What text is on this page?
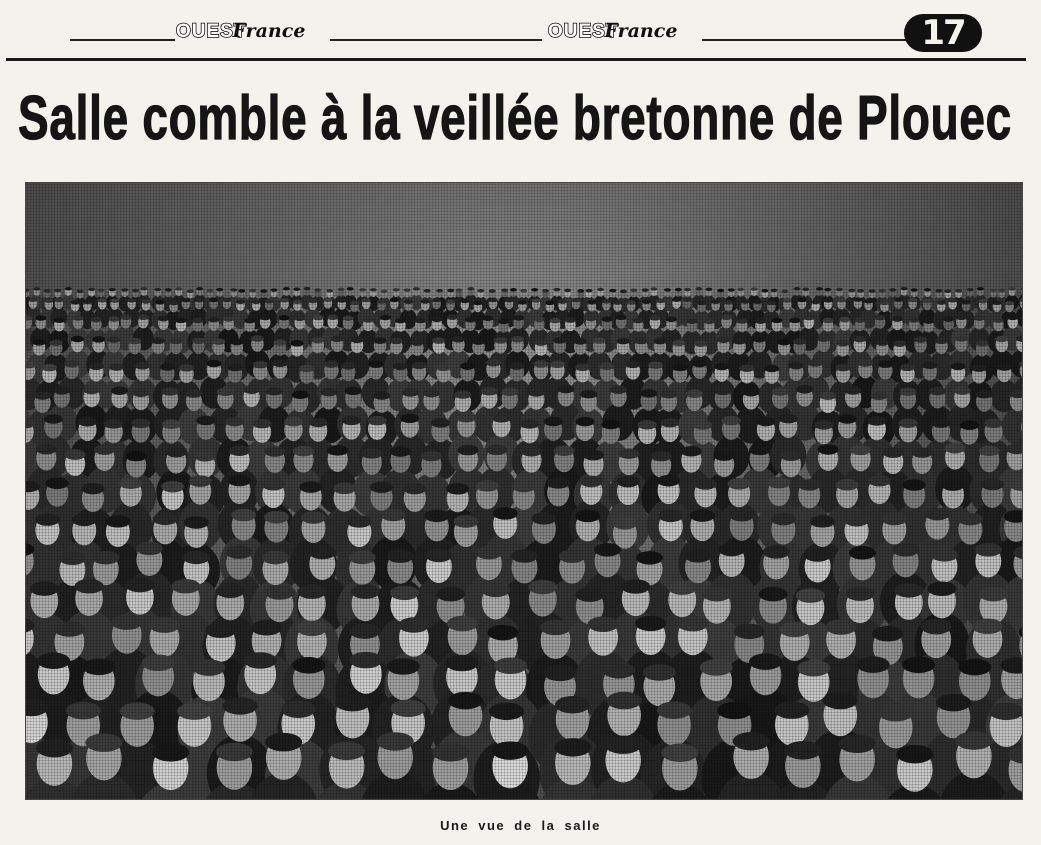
OUEST
France	OUEST
France	17
Salle comble à la veillée bretonne de Plouec
Une vue de la salle
